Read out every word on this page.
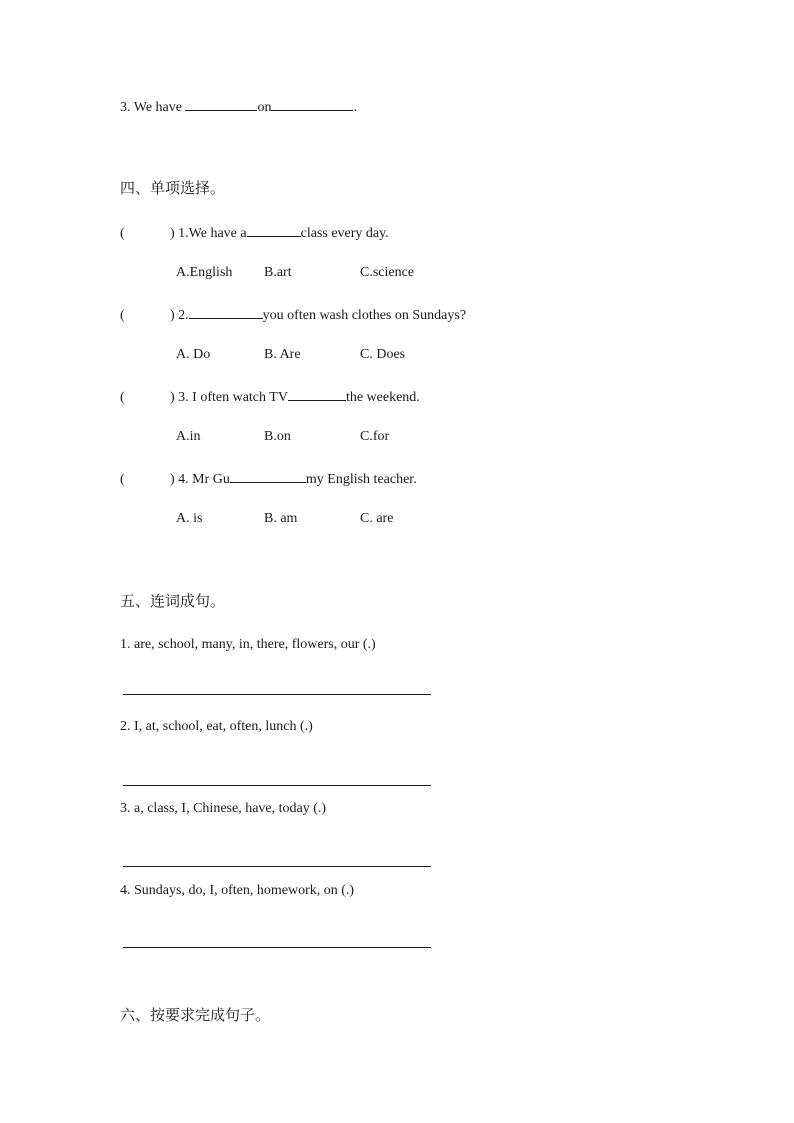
3. We have	on	.
四、单项选择。
(	) 1.We have a	class every day.
A.English B.art	C.science
(	) 2.	you often wash clothes on Sundays?
A. Do	B. Are	C. Does
(	) 3. I often watch TV	the weekend.
A.in	B.on	C.for
(	) 4. Mr Gu	my English teacher.
A. is	B. am	C. are
五、连词成句。
1. are, school, many, in, there, flowers, our (.)
2. I, at, school, eat, often, lunch (.)
3. a, class, I, Chinese, have, today (.)
4. Sundays, do, I, often, homework, on (.)
六、按要求完成句子。
